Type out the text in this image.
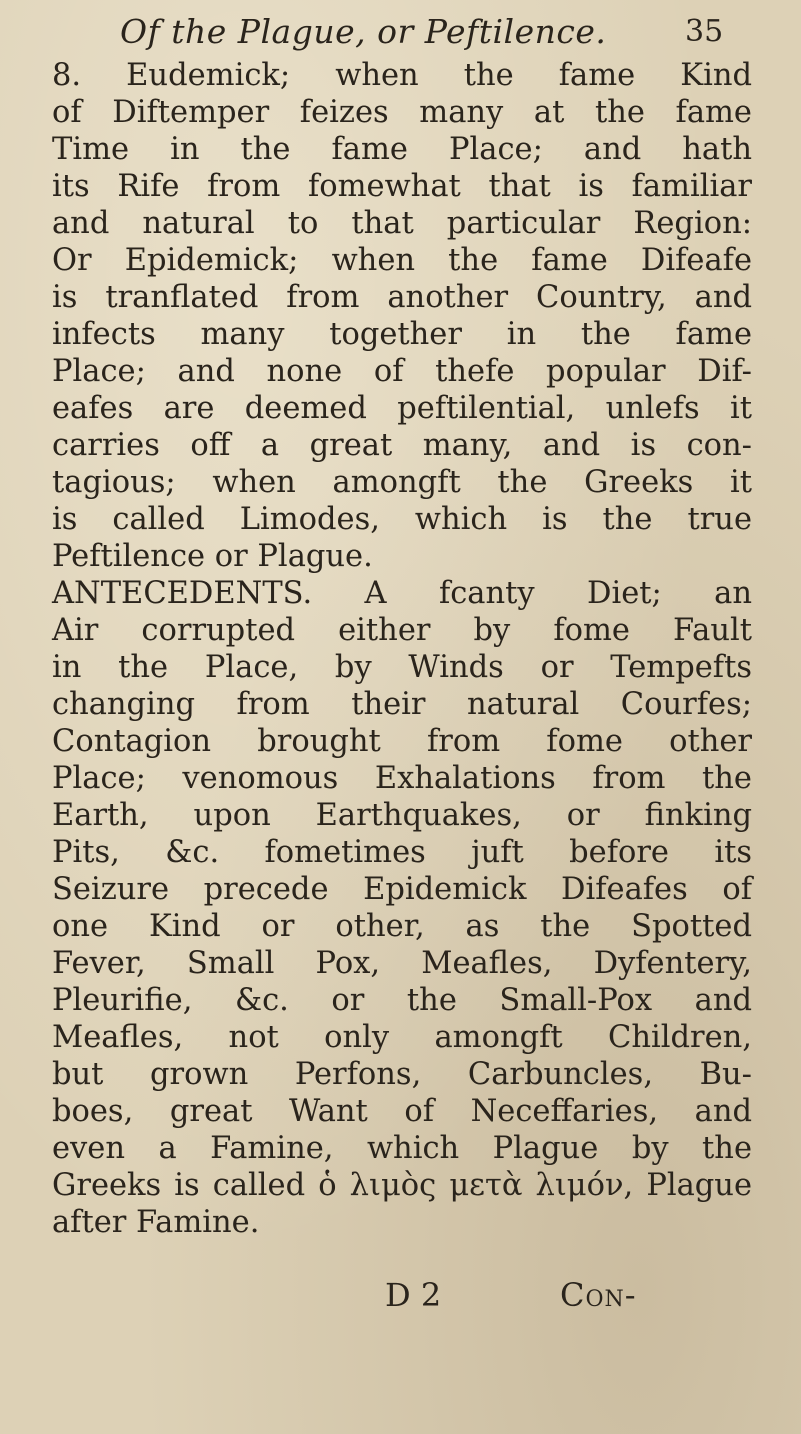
Of the Plague, or Peftilence.	35
8. Eudemick; when the fame Kind
of Diftemper feizes many at the fame
Time in the fame Place; and hath
its Rife from fomewhat that is familiar
and natural to that particular Region:
Or Epidemick; when the fame Difeafe
is tranflated from another Country, and
infects many together in the fame
Place; and none of thefe popular Dif-
eafes are deemed peftilential, unlefs it
carries off a great many, and is con-
tagious; when amongft the Greeks it
is called Limodes, which is the true
Peftilence or Plague.
ANTECEDENTS. A fcanty Diet; an
Air corrupted either by fome Fault
in the Place, by Winds or Tempefts
changing from their natural Courfes;
Contagion brought from fome other
Place; venomous Exhalations from the
Earth, upon Earthquakes, or finking
Pits, &c. fometimes juft before its
Seizure precede Epidemick Difeafes of
one Kind or other, as the Spotted
Fever, Small Pox, Meafles, Dyfentery,
Pleurifie, &c. or the Small-Pox and
Meafles, not only amongft Children,
but grown Perfons, Carbuncles, Bu-
boes, great Want of Neceffaries, and
even a Famine, which Plague by the
Greeks is called ὁ λιμὸς μετὰ λιμόν, Plague
after Famine.
D 2	Con-
